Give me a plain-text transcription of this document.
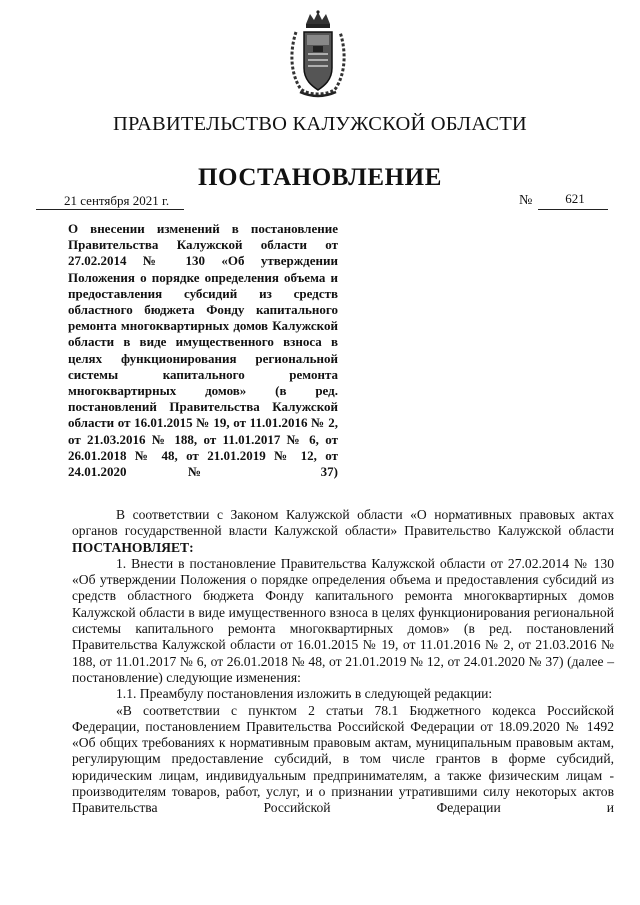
ПРАВИТЕЛЬСТВО КАЛУЖСКОЙ ОБЛАСТИ
ПОСТАНОВЛЕНИЕ
21 сентября 2021 г.	№	621
О внесении изменений в постановление Правительства Калужской области от 27.02.2014 № 130 «Об утверждении Положения о порядке определения объема и предоставления субсидий из средств областного бюджета Фонду капитального ремонта многоквартирных домов Калужской области в виде имущественного взноса в целях функционирования региональной системы капитального ремонта многоквартирных домов» (в ред. постановлений Правительства Калужской области от 16.01.2015 № 19, от 11.01.2016 № 2, от 21.03.2016 № 188, от 11.01.2017 № 6, от 26.01.2018 № 48, от 21.01.2019 № 12, от 24.01.2020 № 37)

В соответствии с Законом Калужской области «О нормативных правовых актах органов государственной власти Калужской области» Правительство Калужской области ПОСТАНОВЛЯЕТ:

1. Внести в постановление Правительства Калужской области от 27.02.2014 № 130 «Об утверждении Положения о порядке определения объема и предоставления субсидий из средств областного бюджета Фонду капитального ремонта многоквартирных домов Калужской области в виде имущественного взноса в целях функционирования региональной системы капитального ремонта многоквартирных домов» (в ред. постановлений Правительства Калужской области от 16.01.2015 № 19, от 11.01.2016 № 2, от 21.03.2016 № 188, от 11.01.2017 № 6, от 26.01.2018 № 48, от 21.01.2019 № 12, от 24.01.2020 № 37) (далее – постановление) следующие изменения:

1.1. Преамбулу постановления изложить в следующей редакции:

«В соответствии с пунктом 2 статьи 78.1 Бюджетного кодекса Российской Федерации, постановлением Правительства Российской Федерации от 18.09.2020 № 1492 «Об общих требованиях к нормативным правовым актам, муниципальным правовым актам, регулирующим предоставление субсидий, в том числе грантов в форме субсидий, юридическим лицам, индивидуальным предпринимателям, а также физическим лицам - производителям товаров, работ, услуг, и о признании утратившими силу некоторых актов Правительства Российской Федерации и
